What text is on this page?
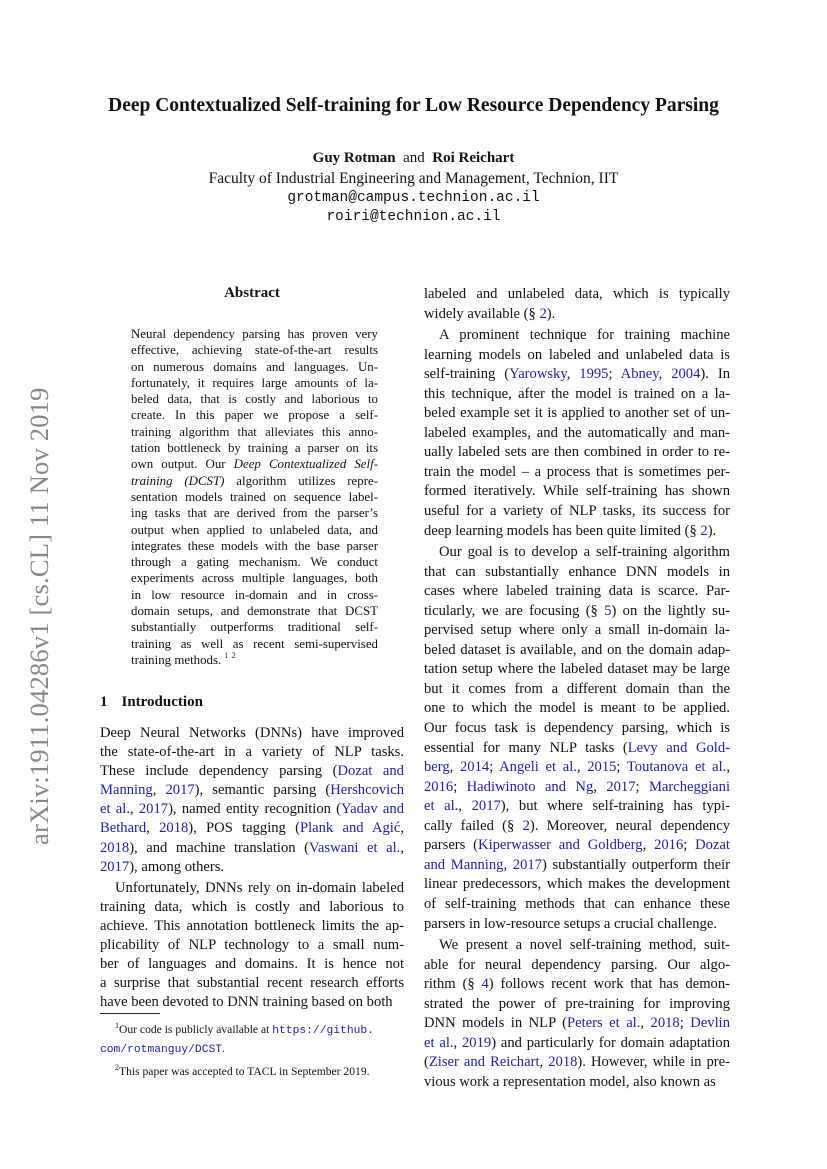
arXiv:1911.04286v1 [cs.CL] 11 Nov 2019
Deep Contextualized Self-training for Low Resource Dependency Parsing
Guy Rotman and Roi Reichart
Faculty of Industrial Engineering and Management, Technion, IIT
grotman@campus.technion.ac.il
roiri@technion.ac.il
Abstract

Neural dependency parsing has proven very
effective, achieving state-of-the-art results
on numerous domains and languages. Un-
fortunately, it requires large amounts of la-
beled data, that is costly and laborious to
create. In this paper we propose a self-
training algorithm that alleviates this anno-
tation bottleneck by training a parser on its
own output. Our Deep Contextualized Self-
training (DCST) algorithm utilizes repre-
sentation models trained on sequence label-
ing tasks that are derived from the parser’s
output when applied to unlabeled data, and
integrates these models with the base parser
through a gating mechanism. We conduct
experiments across multiple languages, both
in low resource in-domain and in cross-
domain setups, and demonstrate that DCST
substantially outperforms traditional self-
training as well as recent semi-supervised
training methods. $^1$ $^2$

1 Introduction

Deep Neural Networks (DNNs) have improved
the state-of-the-art in a variety of NLP tasks.
These include dependency parsing (Dozat and
Manning, 2017), semantic parsing (Hershcovich
et al., 2017), named entity recognition (Yadav and
Bethard, 2018), POS tagging (Plank and Agić,
2018), and machine translation (Vaswani et al.,
2017), among others.

Unfortunately, DNNs rely on in-domain labeled
training data, which is costly and laborious to
achieve. This annotation bottleneck limits the ap-
plicability of NLP technology to a small num-
ber of languages and domains. It is hence not
a surprise that substantial recent research efforts
have been devoted to DNN training based on both

labeled and unlabeled data, which is typically
widely available (§ 2).

A prominent technique for training machine
learning models on labeled and unlabeled data is
self-training (Yarowsky, 1995; Abney, 2004). In
this technique, after the model is trained on a la-
beled example set it is applied to another set of un-
labeled examples, and the automatically and man-
ually labeled sets are then combined in order to re-
train the model – a process that is sometimes per-
formed iteratively. While self-training has shown
useful for a variety of NLP tasks, its success for
deep learning models has been quite limited (§ 2).

Our goal is to develop a self-training algorithm
that can substantially enhance DNN models in
cases where labeled training data is scarce. Par-
ticularly, we are focusing (§ 5) on the lightly su-
pervised setup where only a small in-domain la-
beled dataset is available, and on the domain adap-
tation setup where the labeled dataset may be large
but it comes from a different domain than the
one to which the model is meant to be applied.
Our focus task is dependency parsing, which is
essential for many NLP tasks (Levy and Gold-
berg, 2014; Angeli et al., 2015; Toutanova et al.,
2016; Hadiwinoto and Ng, 2017; Marcheggiani
et al., 2017), but where self-training has typi-
cally failed (§ 2). Moreover, neural dependency
parsers (Kiperwasser and Goldberg, 2016; Dozat
and Manning, 2017) substantially outperform their
linear predecessors, which makes the development
of self-training methods that can enhance these
parsers in low-resource setups a crucial challenge.

We present a novel self-training method, suit-
able for neural dependency parsing. Our algo-
rithm (§ 4) follows recent work that has demon-
strated the power of pre-training for improving
DNN models in NLP (Peters et al., 2018; Devlin
et al., 2019) and particularly for domain adaptation
(Ziser and Reichart, 2018). However, while in pre-
vious work a representation model, also known as

$^1$Our code is publicly available at https://github.
com/rotmanguy/DCST.
$^2$This paper was accepted to TACL in September 2019.
